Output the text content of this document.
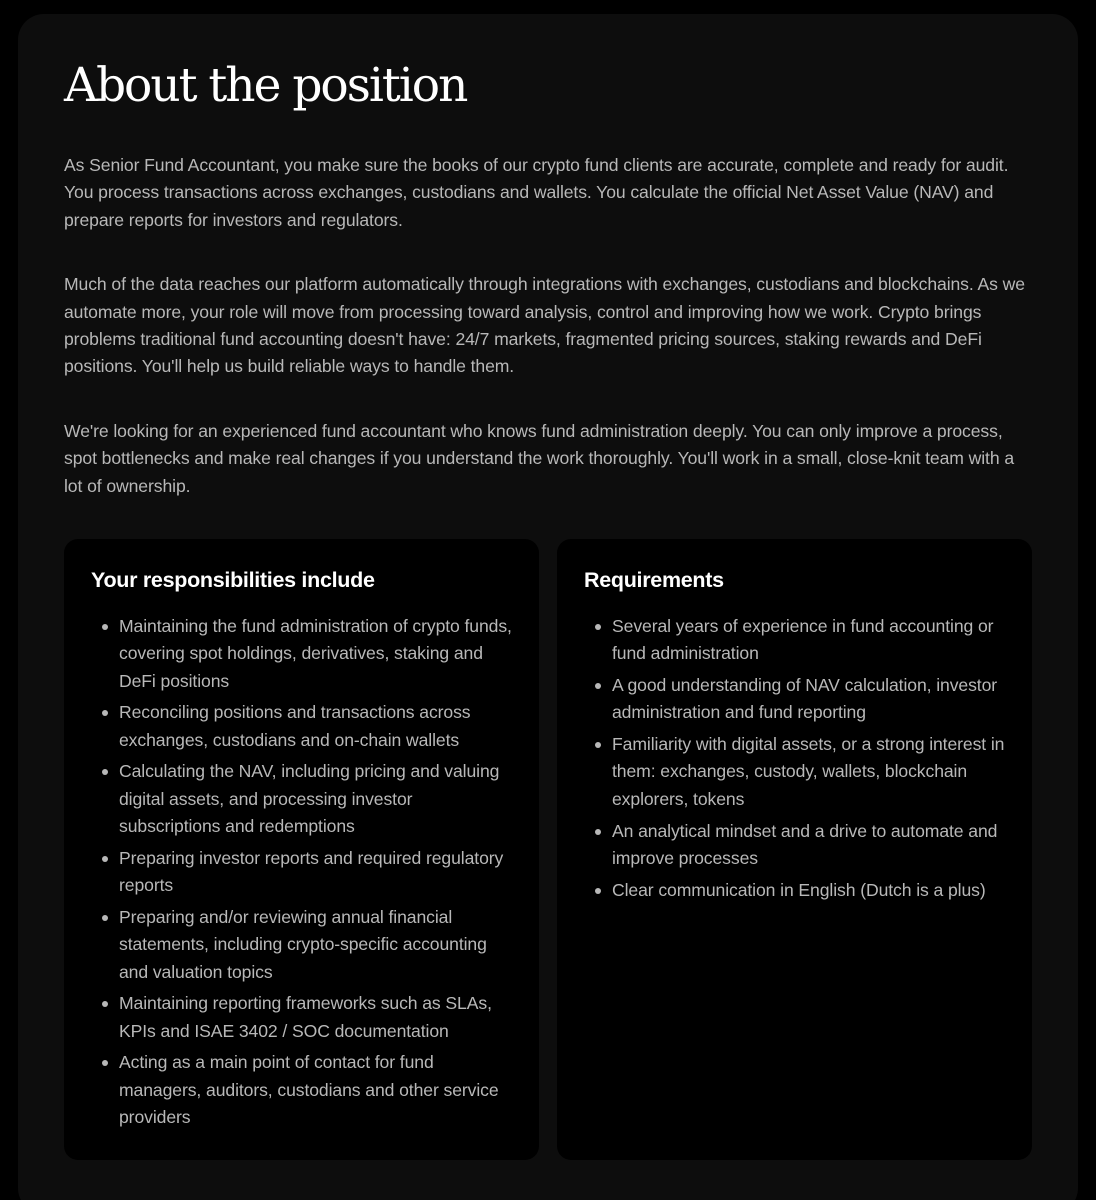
About the position

As Senior Fund Accountant, you make sure the books of our crypto fund clients are accurate, complete and ready for audit. You process transactions across exchanges, custodians and wallets. You calculate the official Net Asset Value (NAV) and prepare reports for investors and regulators.

Much of the data reaches our platform automatically through integrations with exchanges, custodians and blockchains. As we automate more, your role will move from processing toward analysis, control and improving how we work. Crypto brings problems traditional fund accounting doesn't have: 24/7 markets, fragmented pricing sources, staking rewards and DeFi positions. You'll help us build reliable ways to handle them.

We're looking for an experienced fund accountant who knows fund administration deeply. You can only improve a process, spot bottlenecks and make real changes if you understand the work thoroughly. You'll work in a small, close-knit team with a lot of ownership.

Your responsibilities include
Maintaining the fund administration of crypto funds, covering spot holdings, derivatives, staking and DeFi positions
Reconciling positions and transactions across exchanges, custodians and on-chain wallets
Calculating the NAV, including pricing and valuing digital assets, and processing investor subscriptions and redemptions
Preparing investor reports and required regulatory reports
Preparing and/or reviewing annual financial statements, including crypto-specific accounting and valuation topics
Maintaining reporting frameworks such as SLAs, KPIs and ISAE 3402 / SOC documentation
Acting as a main point of contact for fund managers, auditors, custodians and other service providers
Requirements
Several years of experience in fund accounting or fund administration
A good understanding of NAV calculation, investor administration and fund reporting
Familiarity with digital assets, or a strong interest in them: exchanges, custody, wallets, blockchain explorers, tokens
An analytical mindset and a drive to automate and improve processes
Clear communication in English (Dutch is a plus)
